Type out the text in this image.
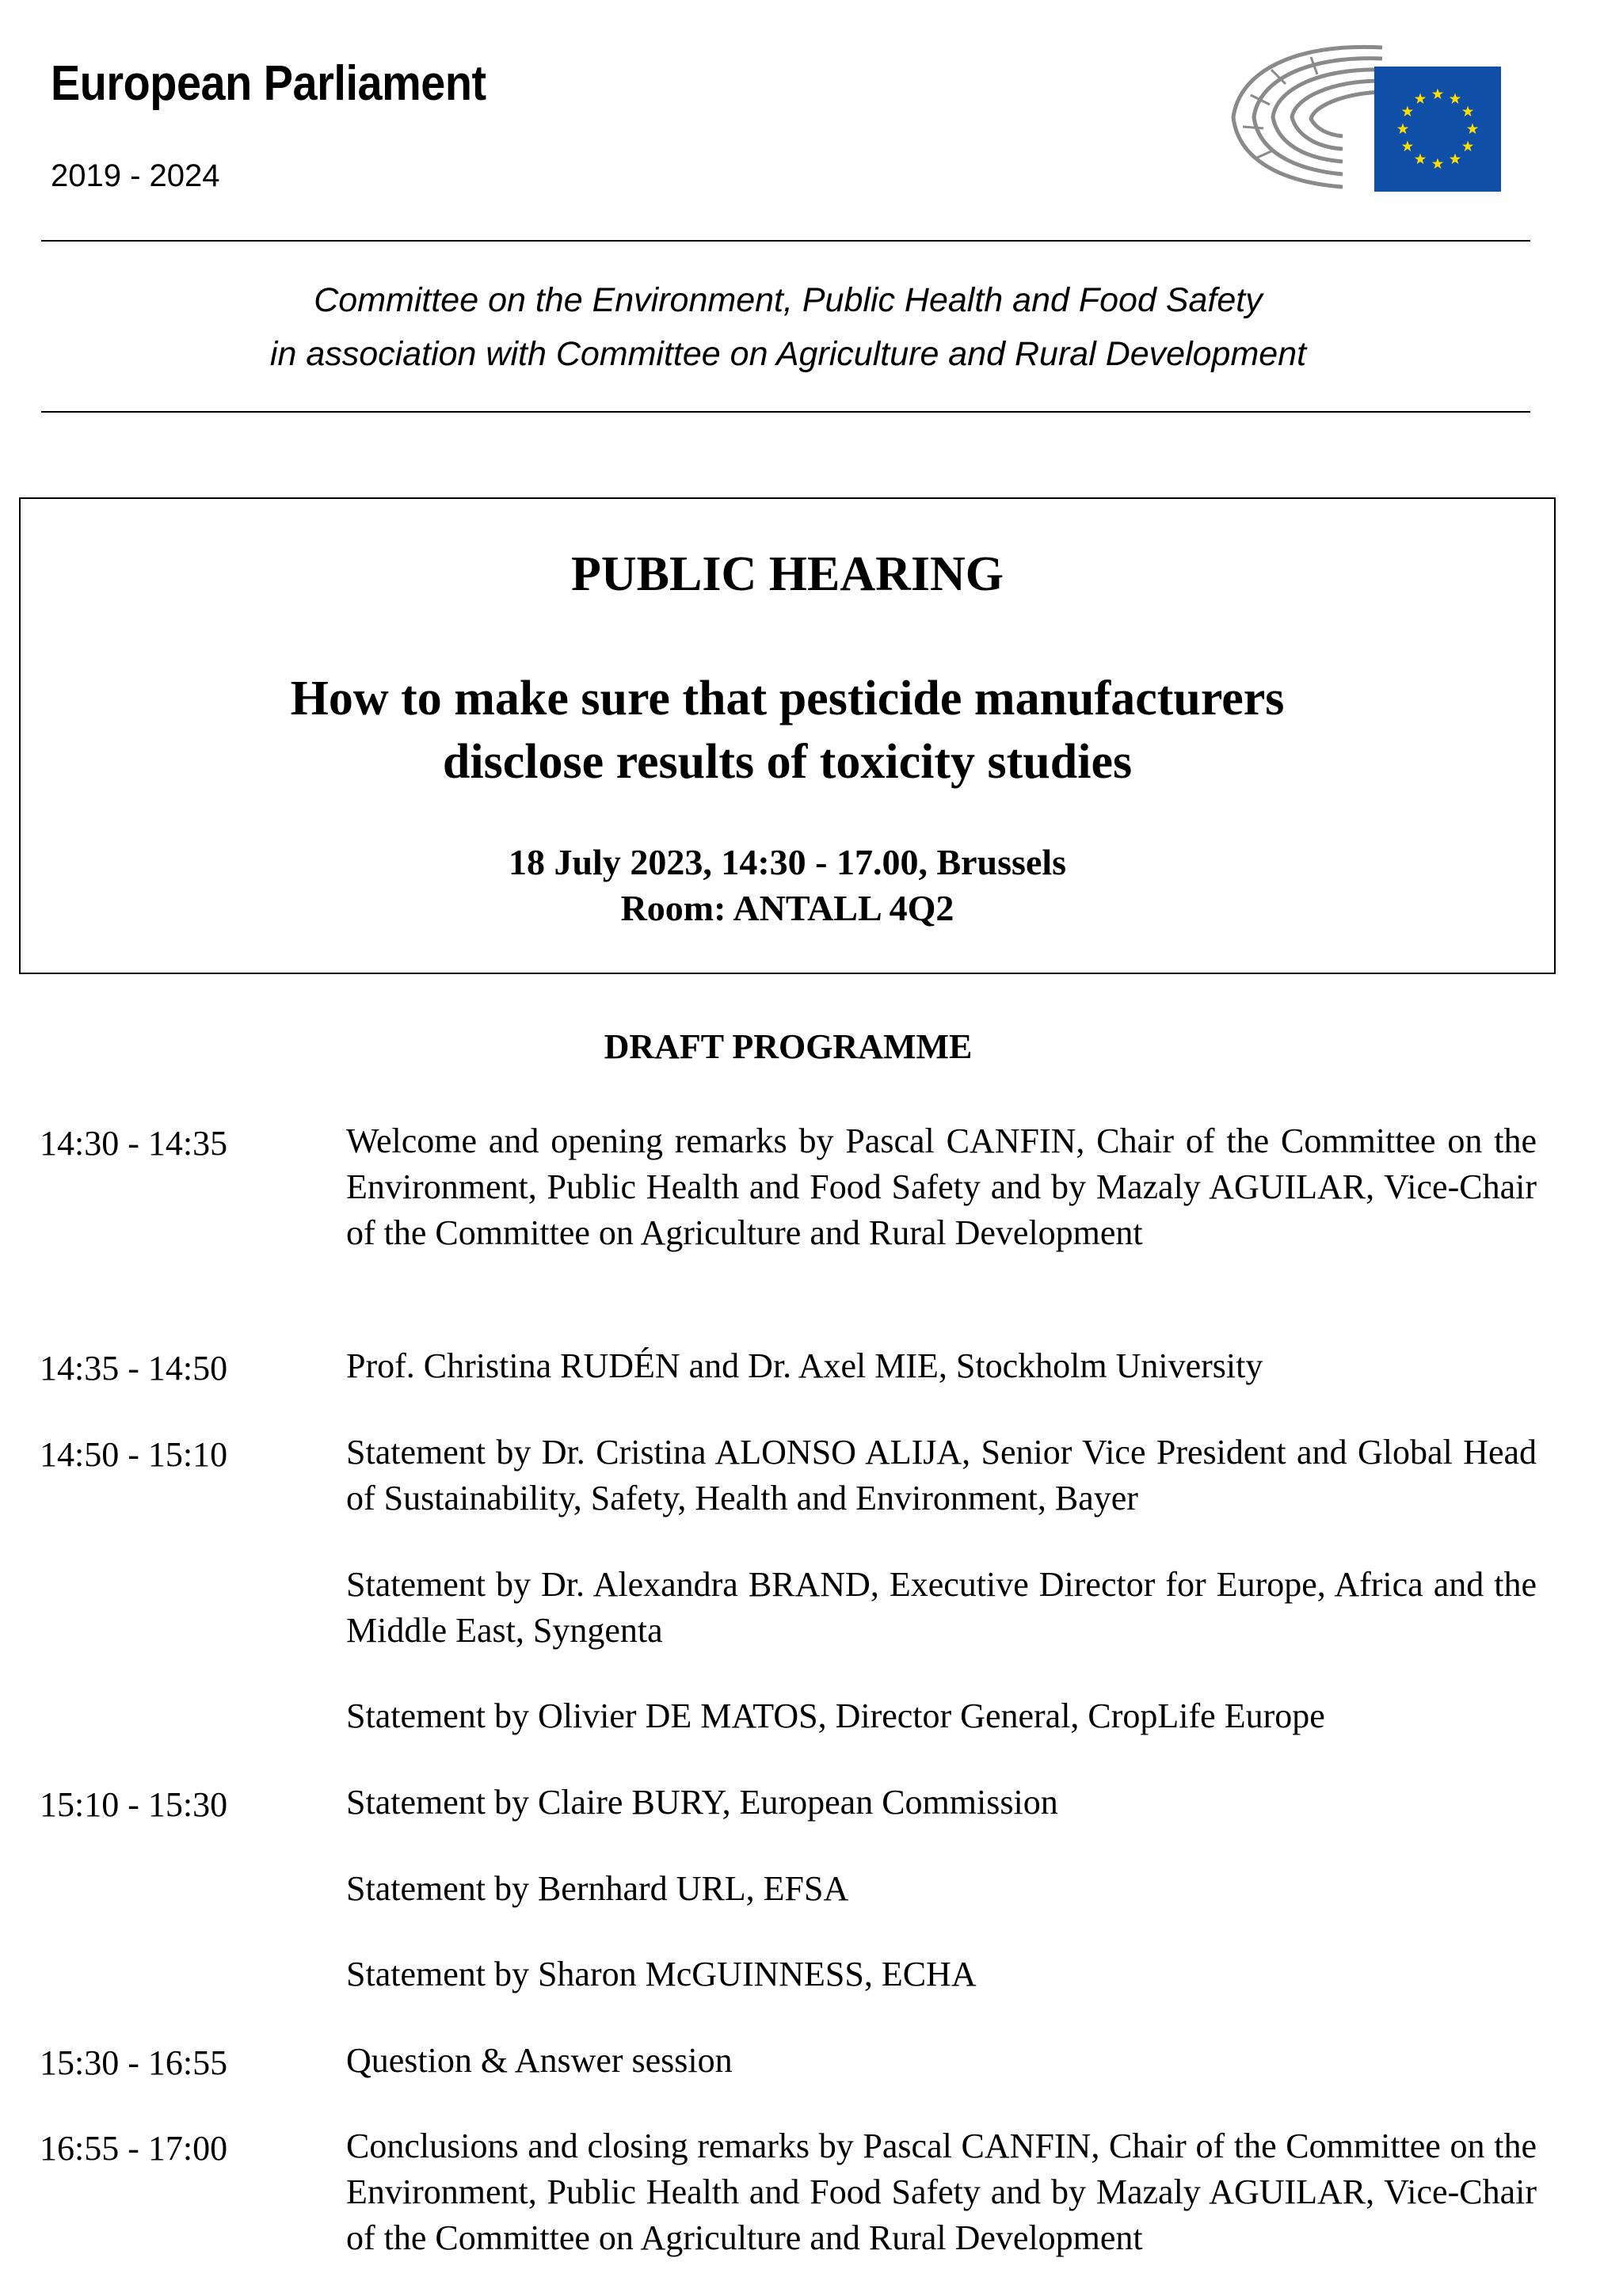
European Parliament
2019 - 2024
Committee on the Environment, Public Health and Food Safety
in association with Committee on Agriculture and Rural Development
PUBLIC HEARING
How to make sure that pesticide manufacturers
disclose results of toxicity studies
18 July 2023, 14:30 - 17.00, Brussels
Room: ANTALL 4Q2
DRAFT PROGRAMME
14:30 - 14:35	Welcome and opening remarks by Pascal CANFIN, Chair of the Committee on the Environment, Public Health and Food Safety and by Mazaly AGUILAR, Vice-Chair of the Committee on Agriculture and Rural Development
14:35 - 14:50	Prof. Christina RUDÉN and Dr. Axel MIE, Stockholm University
14:50 - 15:10	Statement by Dr. Cristina ALONSO ALIJA, Senior Vice President and Global Head of Sustainability, Safety, Health and Environment, Bayer
Statement by Dr. Alexandra BRAND, Executive Director for Europe, Africa and the Middle East, Syngenta
Statement by Olivier DE MATOS, Director General, CropLife Europe
15:10 - 15:30	Statement by Claire BURY, European Commission
Statement by Bernhard URL, EFSA
Statement by Sharon McGUINNESS, ECHA
15:30 - 16:55	Question & Answer session
16:55 - 17:00	Conclusions and closing remarks by Pascal CANFIN, Chair of the Committee on the Environment, Public Health and Food Safety and by Mazaly AGUILAR, Vice-Chair of the Committee on Agriculture and Rural Development
